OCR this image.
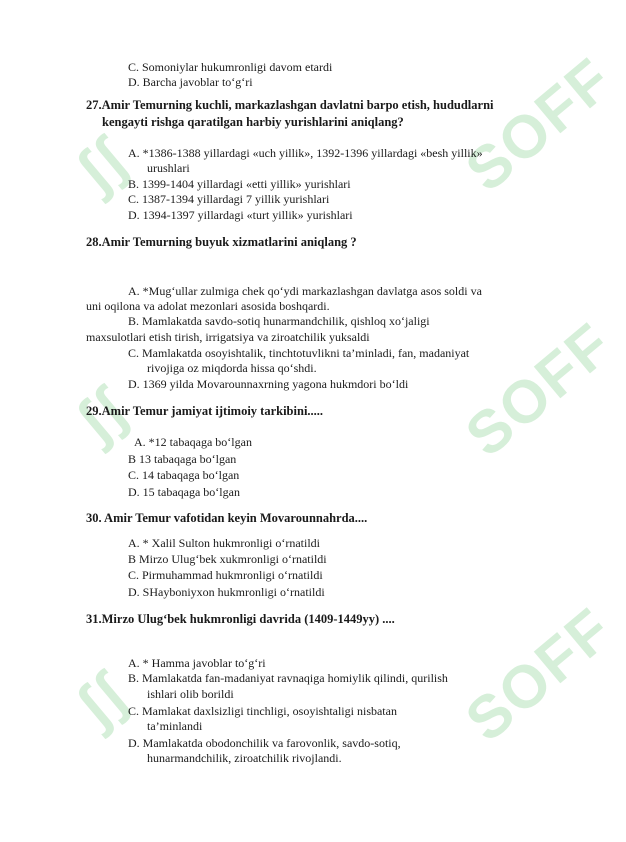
ʃʃ	SOFF
ʃʃ	SOFF
ʃʃ	SOFF
C. Somoniylar hukumronligi davom etardi
D. Barcha javoblar to‘g‘ri
27.Amir Temurning kuchli, markazlashgan davlatni barpo etish, hududlarni
kengayti rishga qaratilgan harbiy yurishlarini aniqlang?
A. *1386-1388 yillardagi «uch yillik», 1392-1396 yillardagi «besh yillik»
urushlari
B. 1399-1404 yillardagi «etti yillik» yurishlari
C. 1387-1394 yillardagi 7 yillik yurishlari
D. 1394-1397 yillardagi «turt yillik» yurishlari
28.Amir Temurning buyuk xizmatlarini aniqlang ?
A. *Mug‘ullar zulmiga chek qo‘ydi markazlashgan davlatga asos soldi va
uni oqilona va adolat mezonlari asosida boshqardi.
B. Mamlakatda savdo-sotiq hunarmandchilik, qishloq xo‘jaligi
maxsulotlari etish tirish, irrigatsiya va ziroatchilik yuksaldi
C. Mamlakatda osoyishtalik, tinchtotuvlikni ta’minladi, fan, madaniyat
rivojiga oz miqdorda hissa qo‘shdi.
D. 1369 yilda Movarounnaxrning yagona hukmdori bo‘ldi
29.Amir Temur jamiyat ijtimoiy tarkibini.....
A. *12 tabaqaga bo‘lgan
B 13 tabaqaga bo‘lgan
C. 14 tabaqaga bo‘lgan
D. 15 tabaqaga bo‘lgan
30. Amir Temur vafotidan keyin Movarounnahrda....
A. * Xalil Sulton hukmronligi o‘rnatildi
B Mirzo Ulug‘bek xukmronligi o‘rnatildi
C. Pirmuhammad hukmronligi o‘rnatildi
D. SHayboniyxon hukmronligi o‘rnatildi
31.Mirzo Ulug‘bek hukmronligi davrida (1409-1449yy) ....
A. * Hamma javoblar to‘g‘ri
B. Mamlakatda fan-madaniyat ravnaqiga homiylik qilindi, qurilish
ishlari olib borildi
C. Mamlakat daxlsizligi tinchligi, osoyishtaligi nisbatan
ta’minlandi
D. Mamlakatda obodonchilik va farovonlik, savdo-sotiq,
hunarmandchilik, ziroatchilik rivojlandi.
